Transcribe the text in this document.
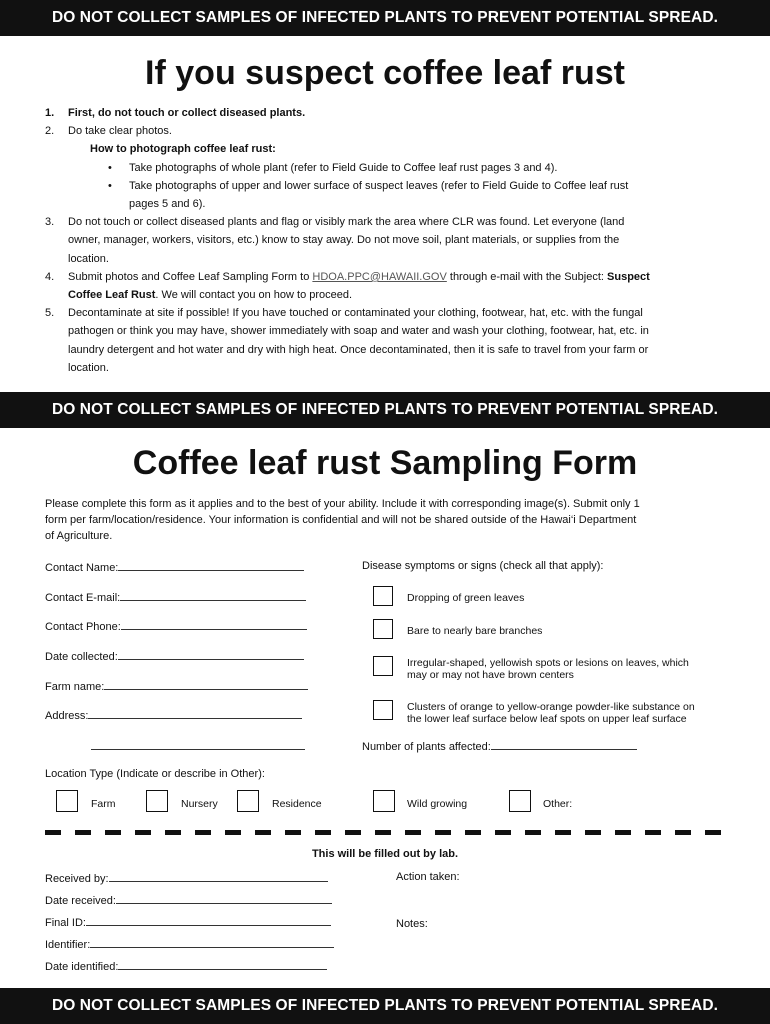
DO NOT COLLECT SAMPLES OF INFECTED PLANTS TO PREVENT POTENTIAL SPREAD.
If you suspect coffee leaf rust
1. First, do not touch or collect diseased plants.
2. Do take clear photos.
How to photograph coffee leaf rust:
• Take photographs of whole plant (refer to Field Guide to Coffee leaf rust pages 3 and 4).
• Take photographs of upper and lower surface of suspect leaves (refer to Field Guide to Coffee leaf rust
pages 5 and 6).
3. Do not touch or collect diseased plants and flag or visibly mark the area where CLR was found. Let everyone (land
owner, manager, workers, visitors, etc.) know to stay away. Do not move soil, plant materials, or supplies from the
location.
4. Submit photos and Coffee Leaf Sampling Form to HDOA.PPC@HAWAII.GOV through e-mail with the Subject: Suspect
Coffee Leaf Rust. We will contact you on how to proceed.
5. Decontaminate at site if possible! If you have touched or contaminated your clothing, footwear, hat, etc. with the fungal
pathogen or think you may have, shower immediately with soap and water and wash your clothing, footwear, hat, etc. in
laundry detergent and hot water and dry with high heat. Once decontaminated, then it is safe to travel from your farm or
location.
DO NOT COLLECT SAMPLES OF INFECTED PLANTS TO PREVENT POTENTIAL SPREAD.
Coffee leaf rust Sampling Form
Please complete this form as it applies and to the best of your ability. Include it with corresponding image(s). Submit only 1
form per farm/location/residence. Your information is confidential and will not be shared outside of the Hawai‘i Department
of Agriculture.
Contact Name:
Contact E-mail:
Contact Phone:
Date collected:
Farm name:
Address:
Disease symptoms or signs (check all that apply):
Dropping of green leaves
Bare to nearly bare branches
Irregular-shaped, yellowish spots or lesions on leaves, which
may or may not have brown centers
Clusters of orange to yellow-orange powder-like substance on
the lower leaf surface below leaf spots on upper leaf surface
Number of plants affected:
Location Type (Indicate or describe in Other):
Farm	Nursery	Residence	Wild growing	Other:
This will be filled out by lab.
Received by:
Date received:
Final ID:
Identifier:
Date identified:
Action taken:
Notes:
DO NOT COLLECT SAMPLES OF INFECTED PLANTS TO PREVENT POTENTIAL SPREAD.
